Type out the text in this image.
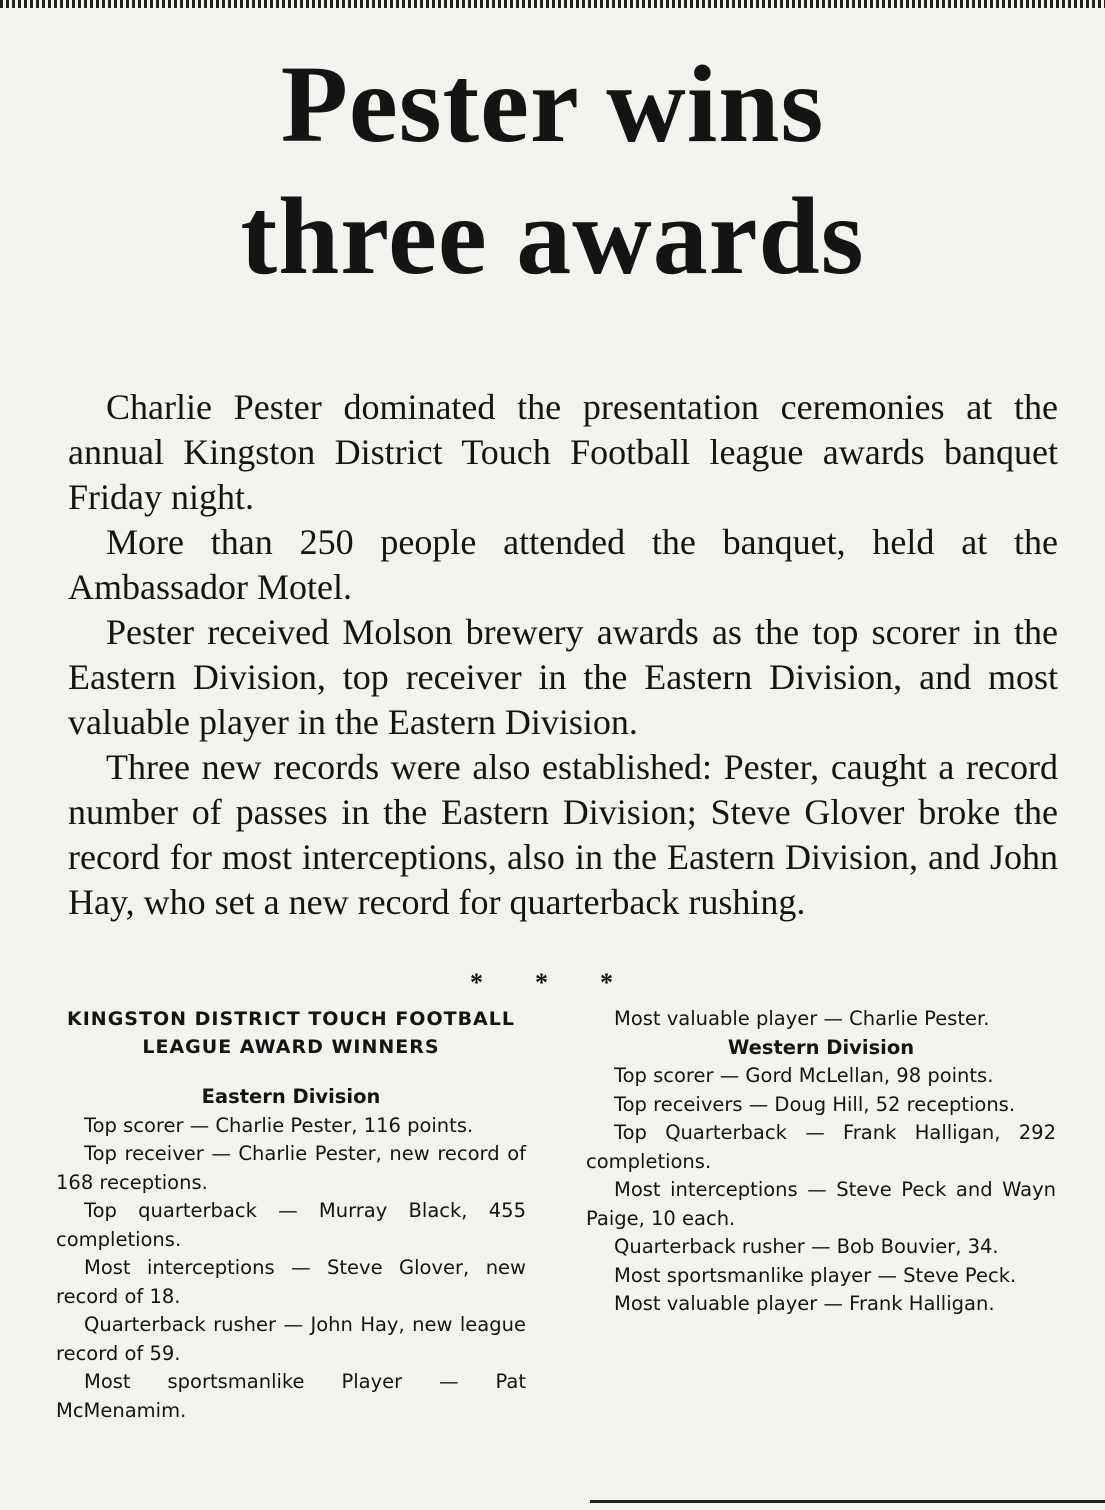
Pester wins
three awards

Charlie Pester dominated the presentation ceremonies at the annual Kingston District Touch Football league awards banquet Friday night.

More than 250 people attended the banquet, held at the Ambassador Motel.

Pester received Molson brewery awards as the top scorer in the Eastern Division, top receiver in the Eastern Division, and most valuable player in the Eastern Division.

Three new records were also established: Pester, caught a record number of passes in the Eastern Division; Steve Glover broke the record for most interceptions, also in the Eastern Division, and John Hay, who set a new record for quarterback rushing.

***

KINGSTON DISTRICT TOUCH FOOTBALL LEAGUE AWARD WINNERS

Eastern Division

Top scorer — Charlie Pester, 116 points.

Top receiver — Charlie Pester, new record of 168 receptions.

Top quarterback — Murray Black, 455 completions.

Most interceptions — Steve Glover, new record of 18.

Quarterback rusher — John Hay, new league record of 59.

Most sportsmanlike Player — Pat McMenamim.

Most valuable player — Charlie Pester.

Western Division

Top scorer — Gord McLellan, 98 points.

Top receivers — Doug Hill, 52 receptions.

Top Quarterback — Frank Halligan, 292 completions.

Most interceptions — Steve Peck and Wayn Paige, 10 each.

Quarterback rusher — Bob Bouvier, 34.

Most sportsmanlike player — Steve Peck.

Most valuable player — Frank Halligan.
